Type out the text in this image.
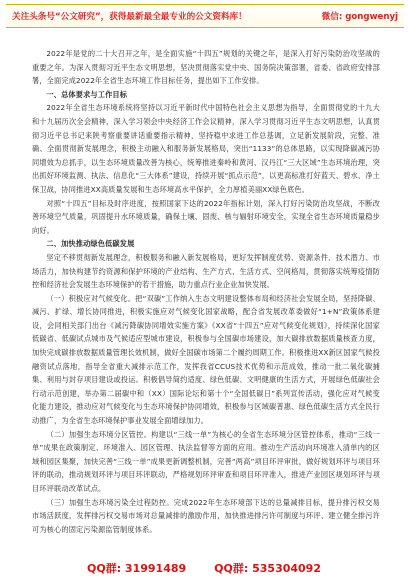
关注头条号“公文研究”，获得最新最全最专业的公文资料库！	微信: gongwenyj

2022年是党的二十大召开之年，是全面实施“十四五”规划的关键之年，是深入打好污染防治攻坚战的重要之年。为深入贯彻习近平生态文明思想，坚决贯彻落实党中央、国务院决策部署，省委、省政府安排部署，全面完成2022年全省生态环境工作目标任务，提出如下工作安排。

一、总体要求与工作目标

2022年全省生态环境系统将坚持以习近平新时代中国特色社会主义思想为指导，全面贯彻党的十九大和十九届历次全会精神，深入学习领会中央经济工作会议精神，深入学习贯彻习近平生态文明思想，认真贯彻习近平总书记来陕考察重要讲话重要指示精神，坚持稳中求进工作总基调，立足新发展阶段，完整、准确、全面贯彻新发展理念，积极主动融入和服务新发展格局，突出“1133”的总体思路，以实现降碳减污协同增效为总抓手，以生态环境质量改善为核心，统筹推进秦岭和黄河、汉丹江“三大区域”生态环境治理，突出抓好环境监测、执法、信息化“三大体系”建设，持续开展“抓点示范”，以更高标准打好蓝天、碧水、净土保卫战，协同推进XX高质量发展和生态环境高水平保护，全力厚植美丽XX绿色底色。

对照“十四五”目标及时序进度，按照国家下达的2022年指标计划，深入打好污染防治攻坚战，不断改善环境空气质量，巩固提升水环境质量，确保土壤、固废、核与辐射环境安全，实现全省生态环境质量稳步向好。

二、加快推动绿色低碳发展

坚定不移贯彻新发展理念，积极服务和融入新发展格局，更好发挥制度优势、资源条件、技术潜力、市场活力，加快构建节约资源和保护环境的产业结构、生产方式、生活方式、空间格局，贯彻落实统筹疫情防控和经济社会发展生态环境保护的若干措施，助力重点行业企业加快发展。

（一）积极应对气候变化。把“双碳”工作纳入生态文明建设整体布局和经济社会发展全局，坚持降碳、减污、扩绿、增长协同推进，积极实施应对气候变化国家战略，配合省发展改革委做好“1+N”政策体系建设，会同相关部门出台《减污降碳协同增效实施方案》《XX省“十四五”应对气候变化规划》，持续深化国家低碳省、低碳试点城市及气候适应型城市建设，积极参与全国碳市场建设，加大碳排放数据质量核查力度，加快完成碳排放数据质量管理长效机制，做好全国碳市场第二个履约周期工作。积极推进XX新区国家气候投融资试点落地，指导全省重大减排示范工作，发挥我省CCUS技术优势和示范成效，推动一批二氧化碳捕集、利用与封存项目建设或投运。积极倡导简约适度、绿色低碳、文明健康的生活方式，开展绿色低碳社会行动示范创建，举办第二届碳中和（XX）国际论坛和第十个“全国低碳日”系列宣传活动，强化应对气候变化能力建设，推动应对气候变化与生态环境保护协同增效，积极参与区域碳普惠、绿色低碳生活方式全民行动推广，为全省生态环境保护事业发展全面增绿加力。

（二）加强生态环境分区管控。构建以“三线一单”为核心的全省生态环境分区管控体系，推动“三线一单”成果在政策制定、环境准入、园区管理、执法监督等方面的应用。推动生产活动向环境准入清单内的区域和园区集聚，加快完善“三线一单”成果更新调整机制，完善“两高”项目环评审批，做好规划环评与项目环评的联动，推动规划环评与项目环评联动，严格规划环评审查和项目环评准入，推进产业园区规划环评与项目环评联动改革试点。

（三）加强生态环境污染全过程防控。完成2022年生态环境部下达的总量减排目标，提升排污权交易市场活跃度，发挥排污权交易市场对总量减排的激励作用，加快推进排污许可制度与环评、建立健全排污许可为核心的固定污染源监管制度体系。

QQ群: 31991489	QQ群: 535304092
